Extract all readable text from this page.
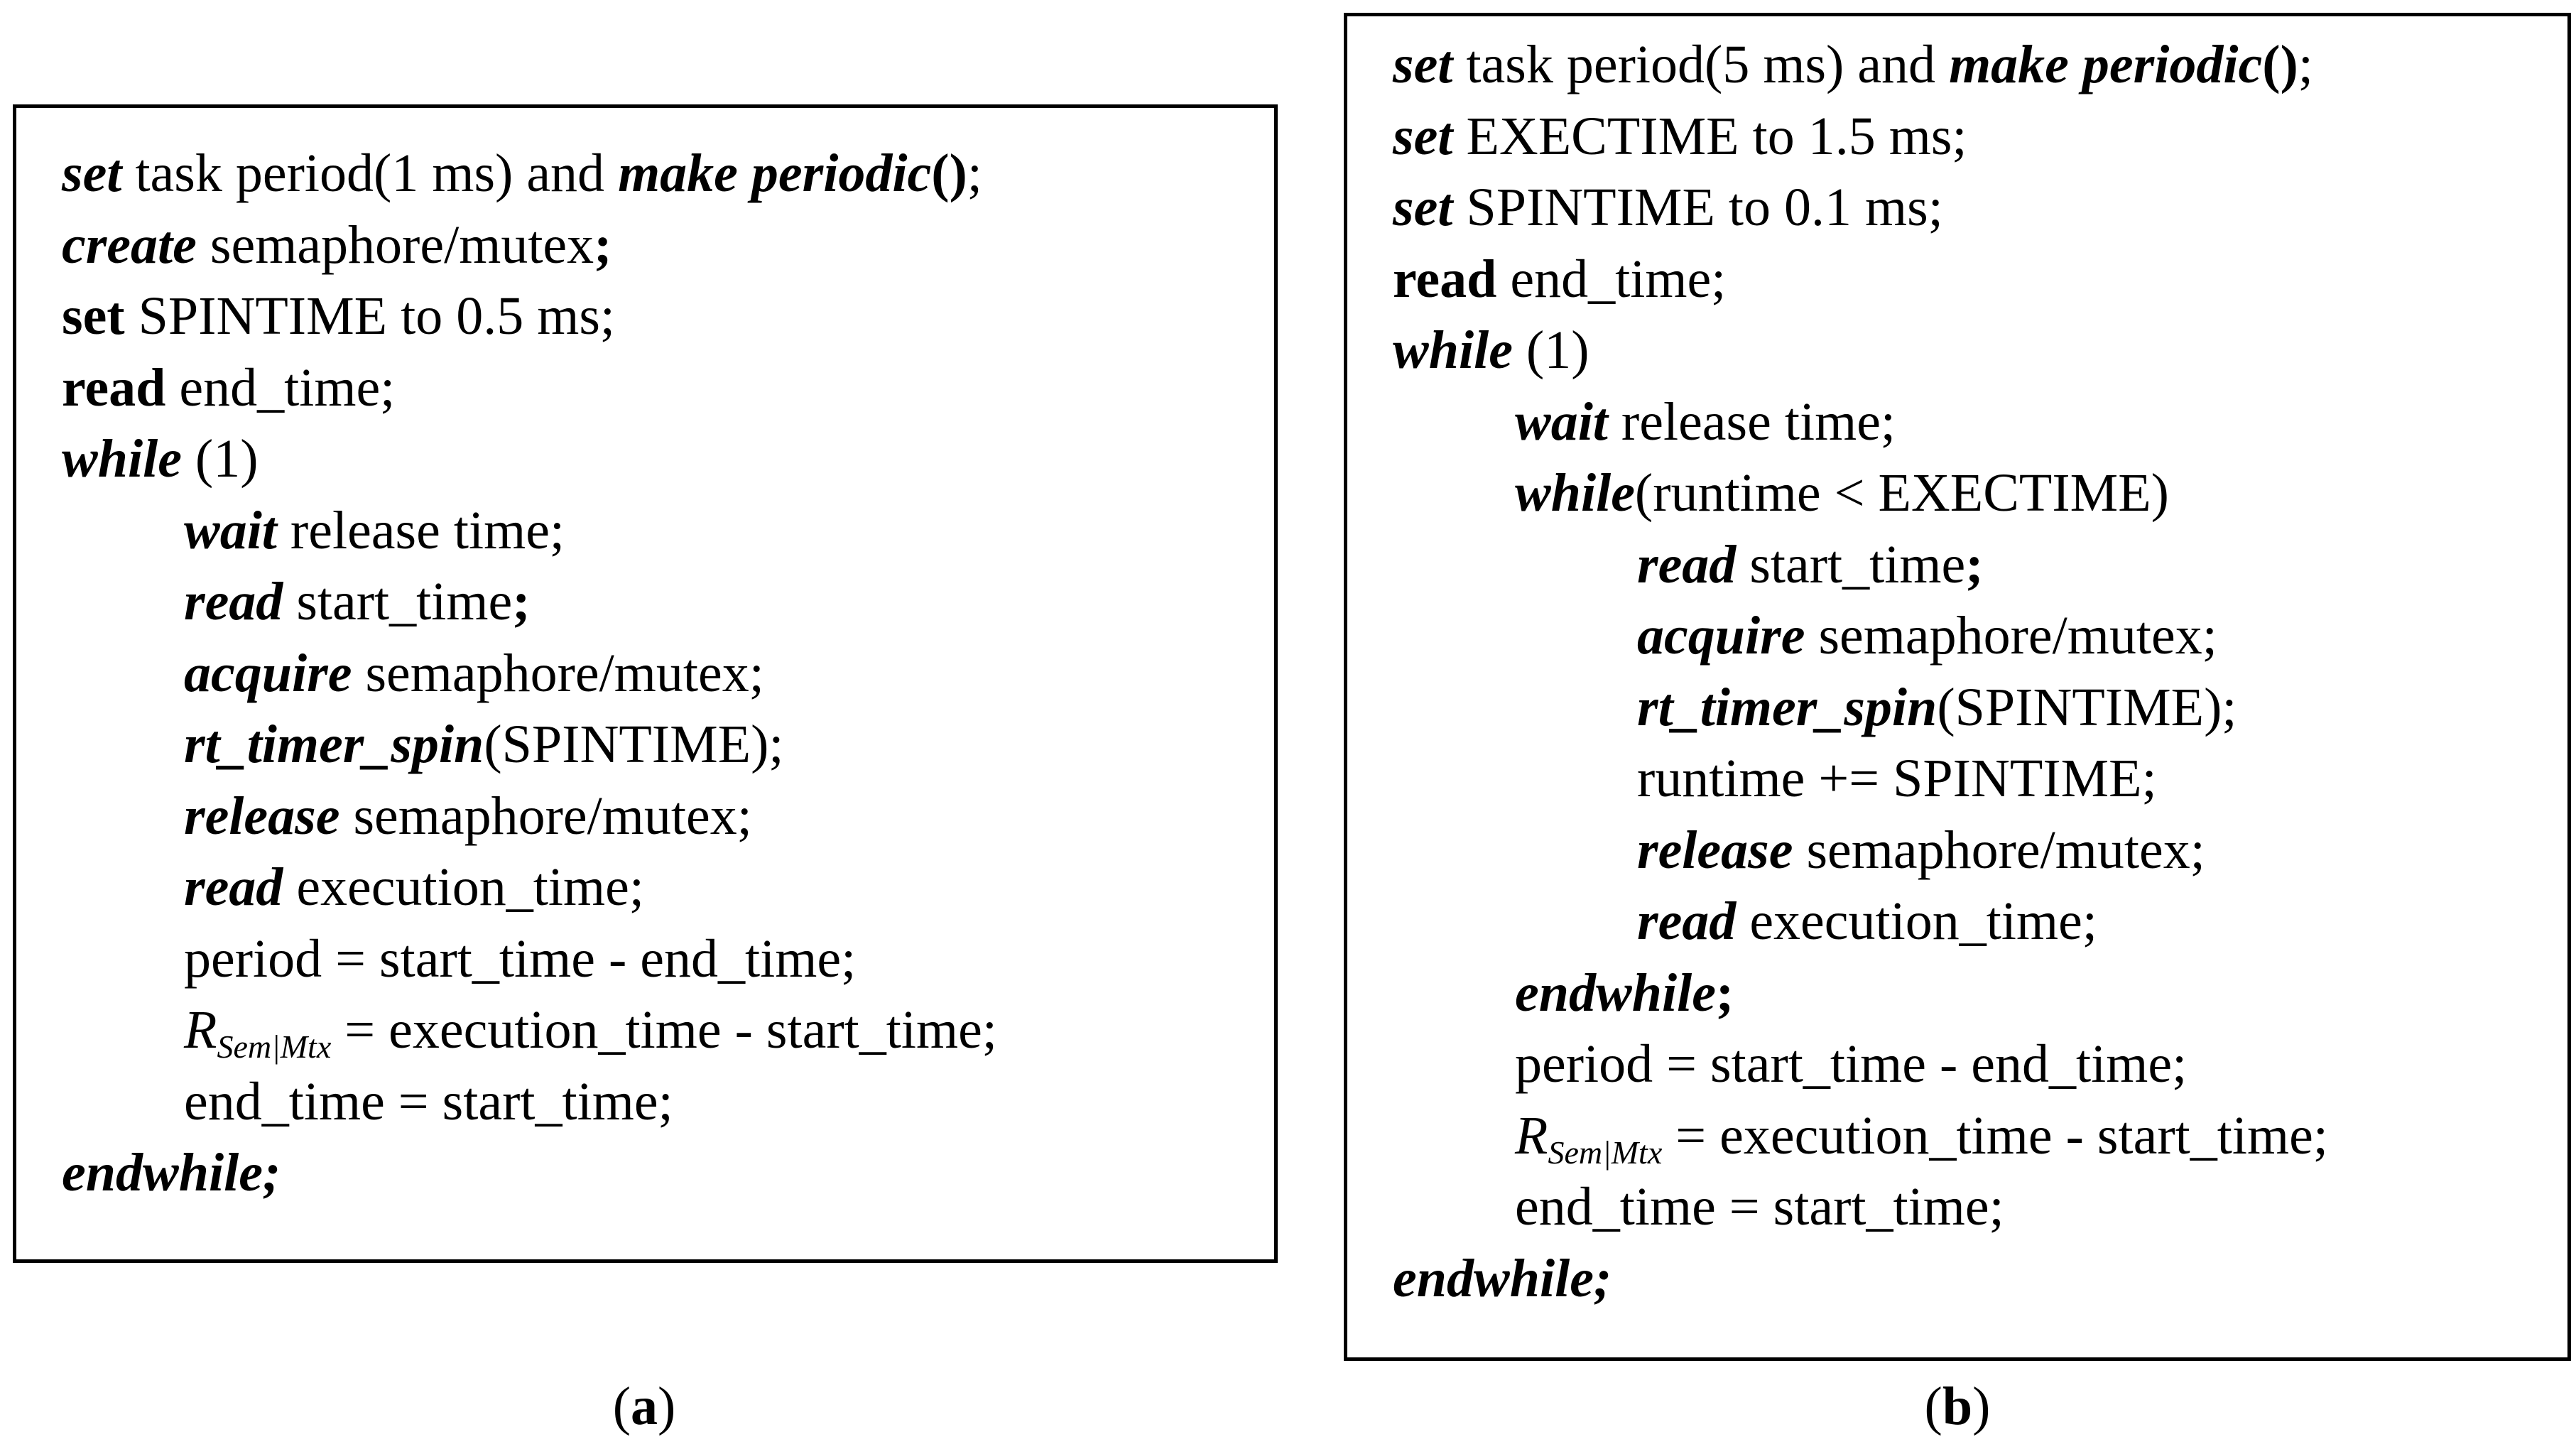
set task period(1 ms) and make periodic();
create semaphore/mutex;
set SPINTIME to 0.5 ms;
read end_time;
while (1)
wait release time;
read start_time;
acquire semaphore/mutex;
rt_timer_spin(SPINTIME);
release semaphore/mutex;
read execution_time;
period = start_time - end_time;
$R_{Sem|Mtx}$ = execution_time - start_time;
end_time = start_time;
endwhile;
set task period(5 ms) and make periodic();
set EXECTIME to 1.5 ms;
set SPINTIME to 0.1 ms;
read end_time;
while (1)
wait release time;
while(runtime < EXECTIME)
read start_time;
acquire semaphore/mutex;
rt_timer_spin(SPINTIME);
runtime += SPINTIME;
release semaphore/mutex;
read execution_time;
endwhile;
period = start_time - end_time;
$R_{Sem|Mtx}$ = execution_time - start_time;
end_time = start_time;
endwhile;
(a)	(b)
